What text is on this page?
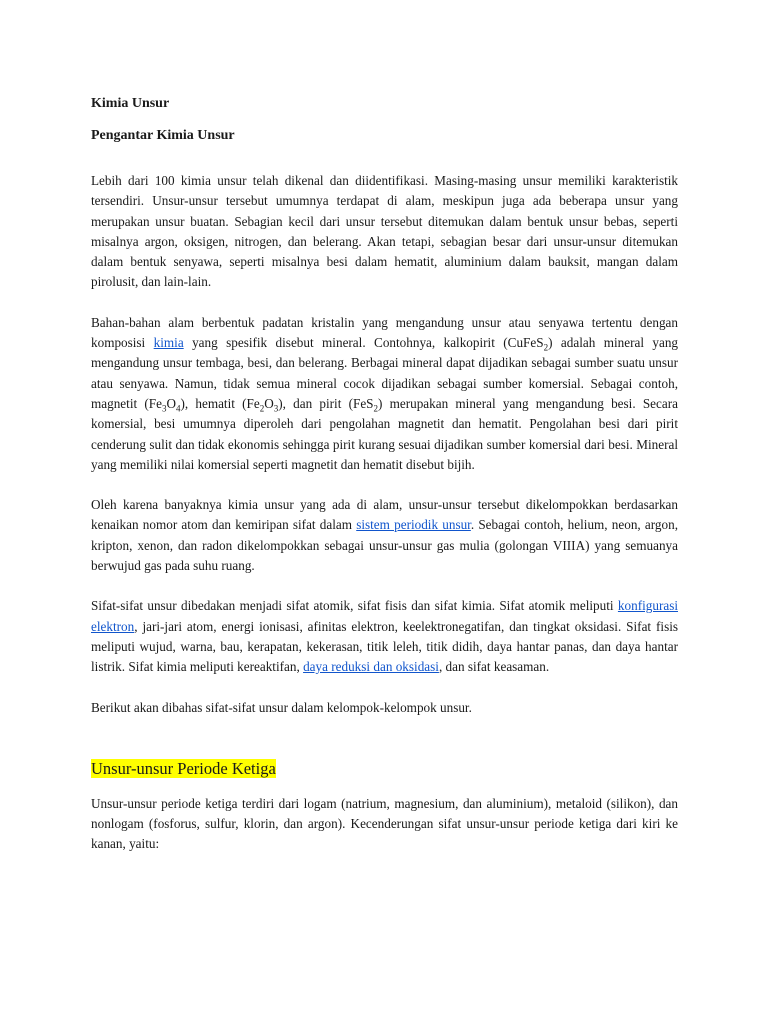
Kimia Unsur
Pengantar Kimia Unsur

Lebih dari 100 kimia unsur telah dikenal dan diidentifikasi. Masing-masing unsur memiliki karakteristik tersendiri. Unsur-unsur tersebut umumnya terdapat di alam, meskipun juga ada beberapa unsur yang merupakan unsur buatan. Sebagian kecil dari unsur tersebut ditemukan dalam bentuk unsur bebas, seperti misalnya argon, oksigen, nitrogen, dan belerang. Akan tetapi, sebagian besar dari unsur-unsur ditemukan dalam bentuk senyawa, seperti misalnya besi dalam hematit, aluminium dalam bauksit, mangan dalam pirolusit, dan lain-lain.

Bahan-bahan alam berbentuk padatan kristalin yang mengandung unsur atau senyawa tertentu dengan komposisi kimia yang spesifik disebut mineral. Contohnya, kalkopirit (CuFeS$_2$) adalah mineral yang mengandung unsur tembaga, besi, dan belerang. Berbagai mineral dapat dijadikan sebagai sumber suatu unsur atau senyawa. Namun, tidak semua mineral cocok dijadikan sebagai sumber komersial. Sebagai contoh, magnetit $(Fe_3O_4)$, hematit $(Fe_2O_3)$, dan pirit (FeS$_2$) merupakan mineral yang mengandung besi. Secara komersial, besi umumnya diperoleh dari pengolahan magnetit dan hematit. Pengolahan besi dari pirit cenderung sulit dan tidak ekonomis sehingga pirit kurang sesuai dijadikan sumber komersial dari besi. Mineral yang memiliki nilai komersial seperti magnetit dan hematit disebut bijih.

Oleh karena banyaknya kimia unsur yang ada di alam, unsur-unsur tersebut dikelompokkan berdasarkan kenaikan nomor atom dan kemiripan sifat dalam sistem periodik unsur. Sebagai contoh, helium, neon, argon, kripton, xenon, dan radon dikelompokkan sebagai unsur-unsur gas mulia (golongan VIIIA) yang semuanya berwujud gas pada suhu ruang.

Sifat-sifat unsur dibedakan menjadi sifat atomik, sifat fisis dan sifat kimia. Sifat atomik meliputi konfigurasi elektron, jari-jari atom, energi ionisasi, afinitas elektron, keelektronegatifan, dan tingkat oksidasi. Sifat fisis meliputi wujud, warna, bau, kerapatan, kekerasan, titik leleh, titik didih, daya hantar panas, dan daya hantar listrik. Sifat kimia meliputi kereaktifan, daya reduksi dan oksidasi, dan sifat keasaman.

Berikut akan dibahas sifat-sifat unsur dalam kelompok-kelompok unsur.

Unsur-unsur Periode Ketiga

Unsur-unsur periode ketiga terdiri dari logam (natrium, magnesium, dan aluminium), metaloid (silikon), dan nonlogam (fosforus, sulfur, klorin, dan argon). Kecenderungan sifat unsur-unsur periode ketiga dari kiri ke kanan, yaitu:
